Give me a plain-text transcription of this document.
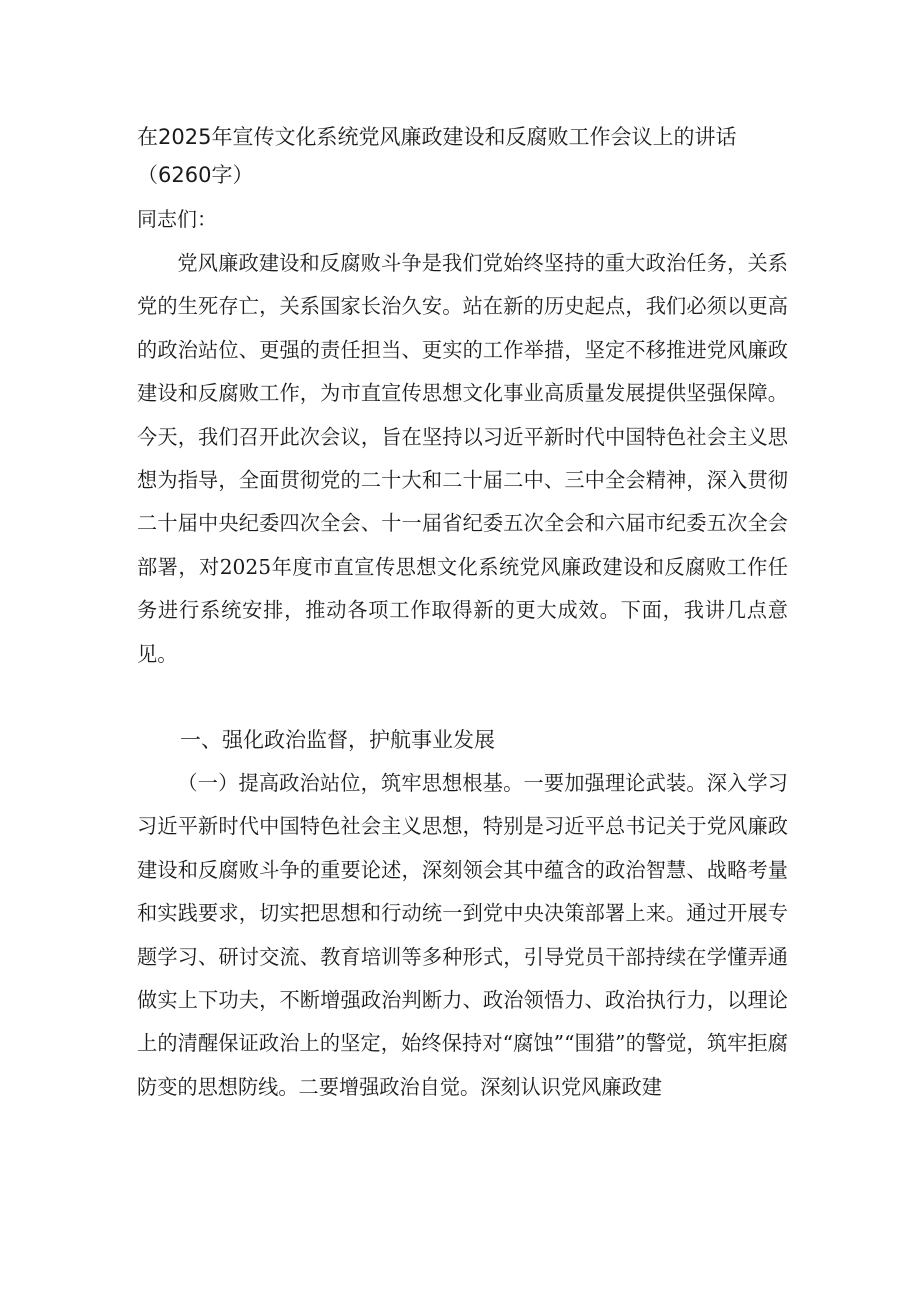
在2025年宣传文化系统党风廉政建设和反腐败工作会议上的讲话（6260字）

同志们：

党风廉政建设和反腐败斗争是我们党始终坚持的重大政治任务，关系党的生死存亡，关系国家长治久安。站在新的历史起点，我们必须以更高的政治站位、更强的责任担当、更实的工作举措，坚定不移推进党风廉政建设和反腐败工作，为市直宣传思想文化事业高质量发展提供坚强保障。今天，我们召开此次会议，旨在坚持以习近平新时代中国特色社会主义思想为指导，全面贯彻党的二十大和二十届二中、三中全会精神，深入贯彻二十届中央纪委四次全会、十一届省纪委五次全会和六届市纪委五次全会部署，对2025年度市直宣传思想文化系统党风廉政建设和反腐败工作任务进行系统安排，推动各项工作取得新的更大成效。下面，我讲几点意见。

一、强化政治监督，护航事业发展

（一）提高政治站位，筑牢思想根基。一要加强理论武装。深入学习习近平新时代中国特色社会主义思想，特别是习近平总书记关于党风廉政建设和反腐败斗争的重要论述，深刻领会其中蕴含的政治智慧、战略考量和实践要求，切实把思想和行动统一到党中央决策部署上来。通过开展专题学习、研讨交流、教育培训等多种形式，引导党员干部持续在学懂弄通做实上下功夫，不断增强政治判断力、政治领悟力、政治执行力，以理论上的清醒保证政治上的坚定，始终保持对“腐蚀”“围猎”的警觉，筑牢拒腐防变的思想防线。二要增强政治自觉。深刻认识党风廉政建
